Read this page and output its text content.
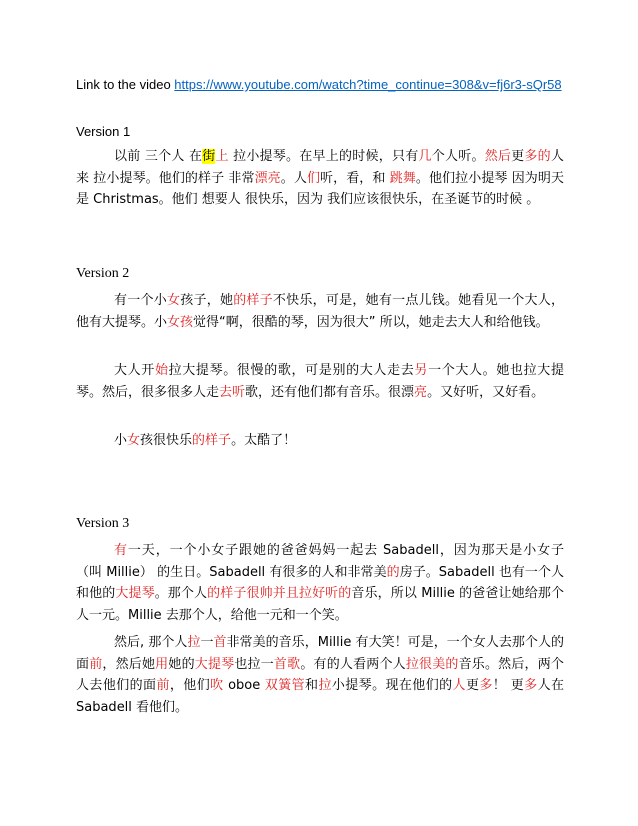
Link to the video https://www.youtube.com/watch?time_continue=308&v=fj6r3-sQr58
Version 1
以前 三个人 在街上 拉小提琴。在早上的时候，只有几个人听。然后更多的人来 拉小提琴。他们的样子 非常漂亮。人们听，看，和 跳舞。他们拉小提琴 因为明天是 Christmas。他们 想要人 很快乐，因为 我们应该很快乐，在圣诞节的时候 。
Version 2
有一个小女孩子，她的样子不快乐，可是，她有一点儿钱。她看见一个大人，他有大提琴。小女孩觉得“啊，很酷的琴，因为很大” 所以，她走去大人和给他钱。
大人开始拉大提琴。很慢的歌，可是别的大人走去另一个大人。她也拉大提琴。然后，很多很多人走去听歌，还有他们都有音乐。很漂亮。又好听，又好看。
小女孩很快乐的样子。太酷了！
Version 3
有一天，一个小女子跟她的爸爸妈妈一起去 Sabadell，因为那天是小女子（叫 Millie） 的生日。Sabadell 有很多的人和非常美的房子。Sabadell 也有一个人和他的大提琴。那个人的样子很帅并且拉好听的音乐，所以 Millie 的爸爸让她给那个人一元。Millie 去那个人，给他一元和一个笑。
然后, 那个人拉一首非常美的音乐，Millie 有大笑！可是，一个女人去那个人的面前，然后她用她的大提琴也拉一首歌。有的人看两个人拉很美的音乐。然后，两个人去他们的面前，他们吹 oboe 双簧管和拉小提琴。现在他们的人更多！ 更多人在 Sabadell 看他们。
